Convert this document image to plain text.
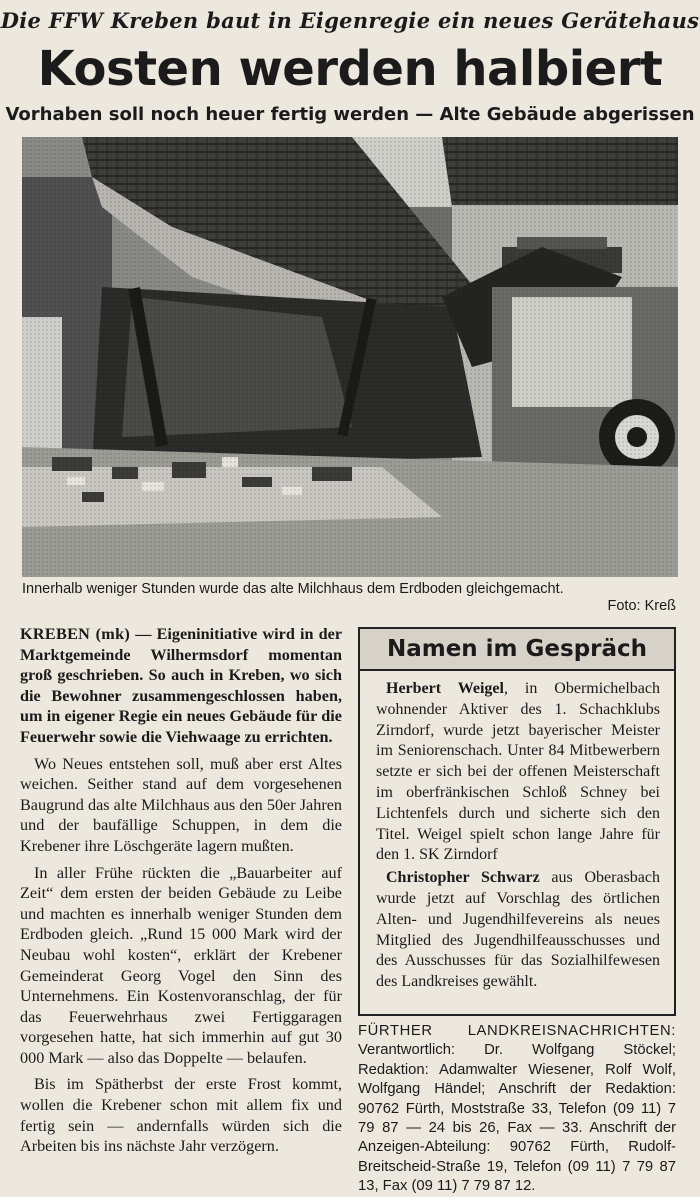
Die FFW Kreben baut in Eigenregie ein neues Gerätehaus
Kosten werden halbiert
Vorhaben soll noch heuer fertig werden — Alte Gebäude abgerissen
Innerhalb weniger Stunden wurde das alte Milchhaus dem Erdboden gleichgemacht.
Foto: Kreß

KREBEN (mk) — Eigeninitiative wird in der Marktgemeinde Wilhermsdorf momentan groß geschrieben. So auch in Kreben, wo sich die Bewohner zusammengeschlossen haben, um in eigener Regie ein neues Gebäude für die Feuerwehr sowie die Viehwaage zu errichten.

Wo Neues entstehen soll, muß aber erst Altes weichen. Seither stand auf dem vorgesehenen Baugrund das alte Milchhaus aus den 50er Jahren und der baufällige Schuppen, in dem die Krebener ihre Löschgeräte lagern mußten.

In aller Frühe rückten die „Bauarbeiter auf Zeit“ dem ersten der beiden Gebäude zu Leibe und machten es innerhalb weniger Stunden dem Erdboden gleich. „Rund 15 000 Mark wird der Neubau wohl kosten“, erklärt der Krebener Gemeinderat Georg Vogel den Sinn des Unternehmens. Ein Kostenvoranschlag, der für das Feuerwehrhaus zwei Fertiggaragen vorgesehen hatte, hat sich immerhin auf gut 30 000 Mark — also das Doppelte — belaufen.

Bis im Spätherbst der erste Frost kommt, wollen die Krebener schon mit allem fix und fertig sein — andernfalls würden sich die Arbeiten bis ins nächste Jahr verzögern.

Namen im Gespräch

Herbert Weigel, in Obermichelbach wohnender Aktiver des 1. Schachklubs Zirndorf, wurde jetzt bayerischer Meister im Seniorenschach. Unter 84 Mitbewerbern setzte er sich bei der offenen Meisterschaft im oberfränkischen Schloß Schney bei Lichtenfels durch und sicherte sich den Titel. Weigel spielt schon lange Jahre für den 1. SK Zirndorf

Christopher Schwarz aus Oberasbach wurde jetzt auf Vorschlag des örtlichen Alten- und Jugendhilfevereins als neues Mitglied des Jugendhilfeausschusses und des Ausschusses für das Sozialhilfewesen des Landkreises gewählt.

FÜRTHER LANDKREISNACHRICHTEN: Verantwortlich: Dr. Wolfgang Stöckel; Redaktion: Adamwalter Wiesener, Rolf Wolf, Wolfgang Händel; Anschrift der Redaktion: 90762 Fürth, Moststraße 33, Telefon (09 11) 7 79 87 — 24 bis 26, Fax — 33. Anschrift der Anzeigen-Abteilung: 90762 Fürth, Rudolf-Breitscheid-Straße 19, Telefon (09 11) 7 79 87 13, Fax (09 11) 7 79 87 12.
